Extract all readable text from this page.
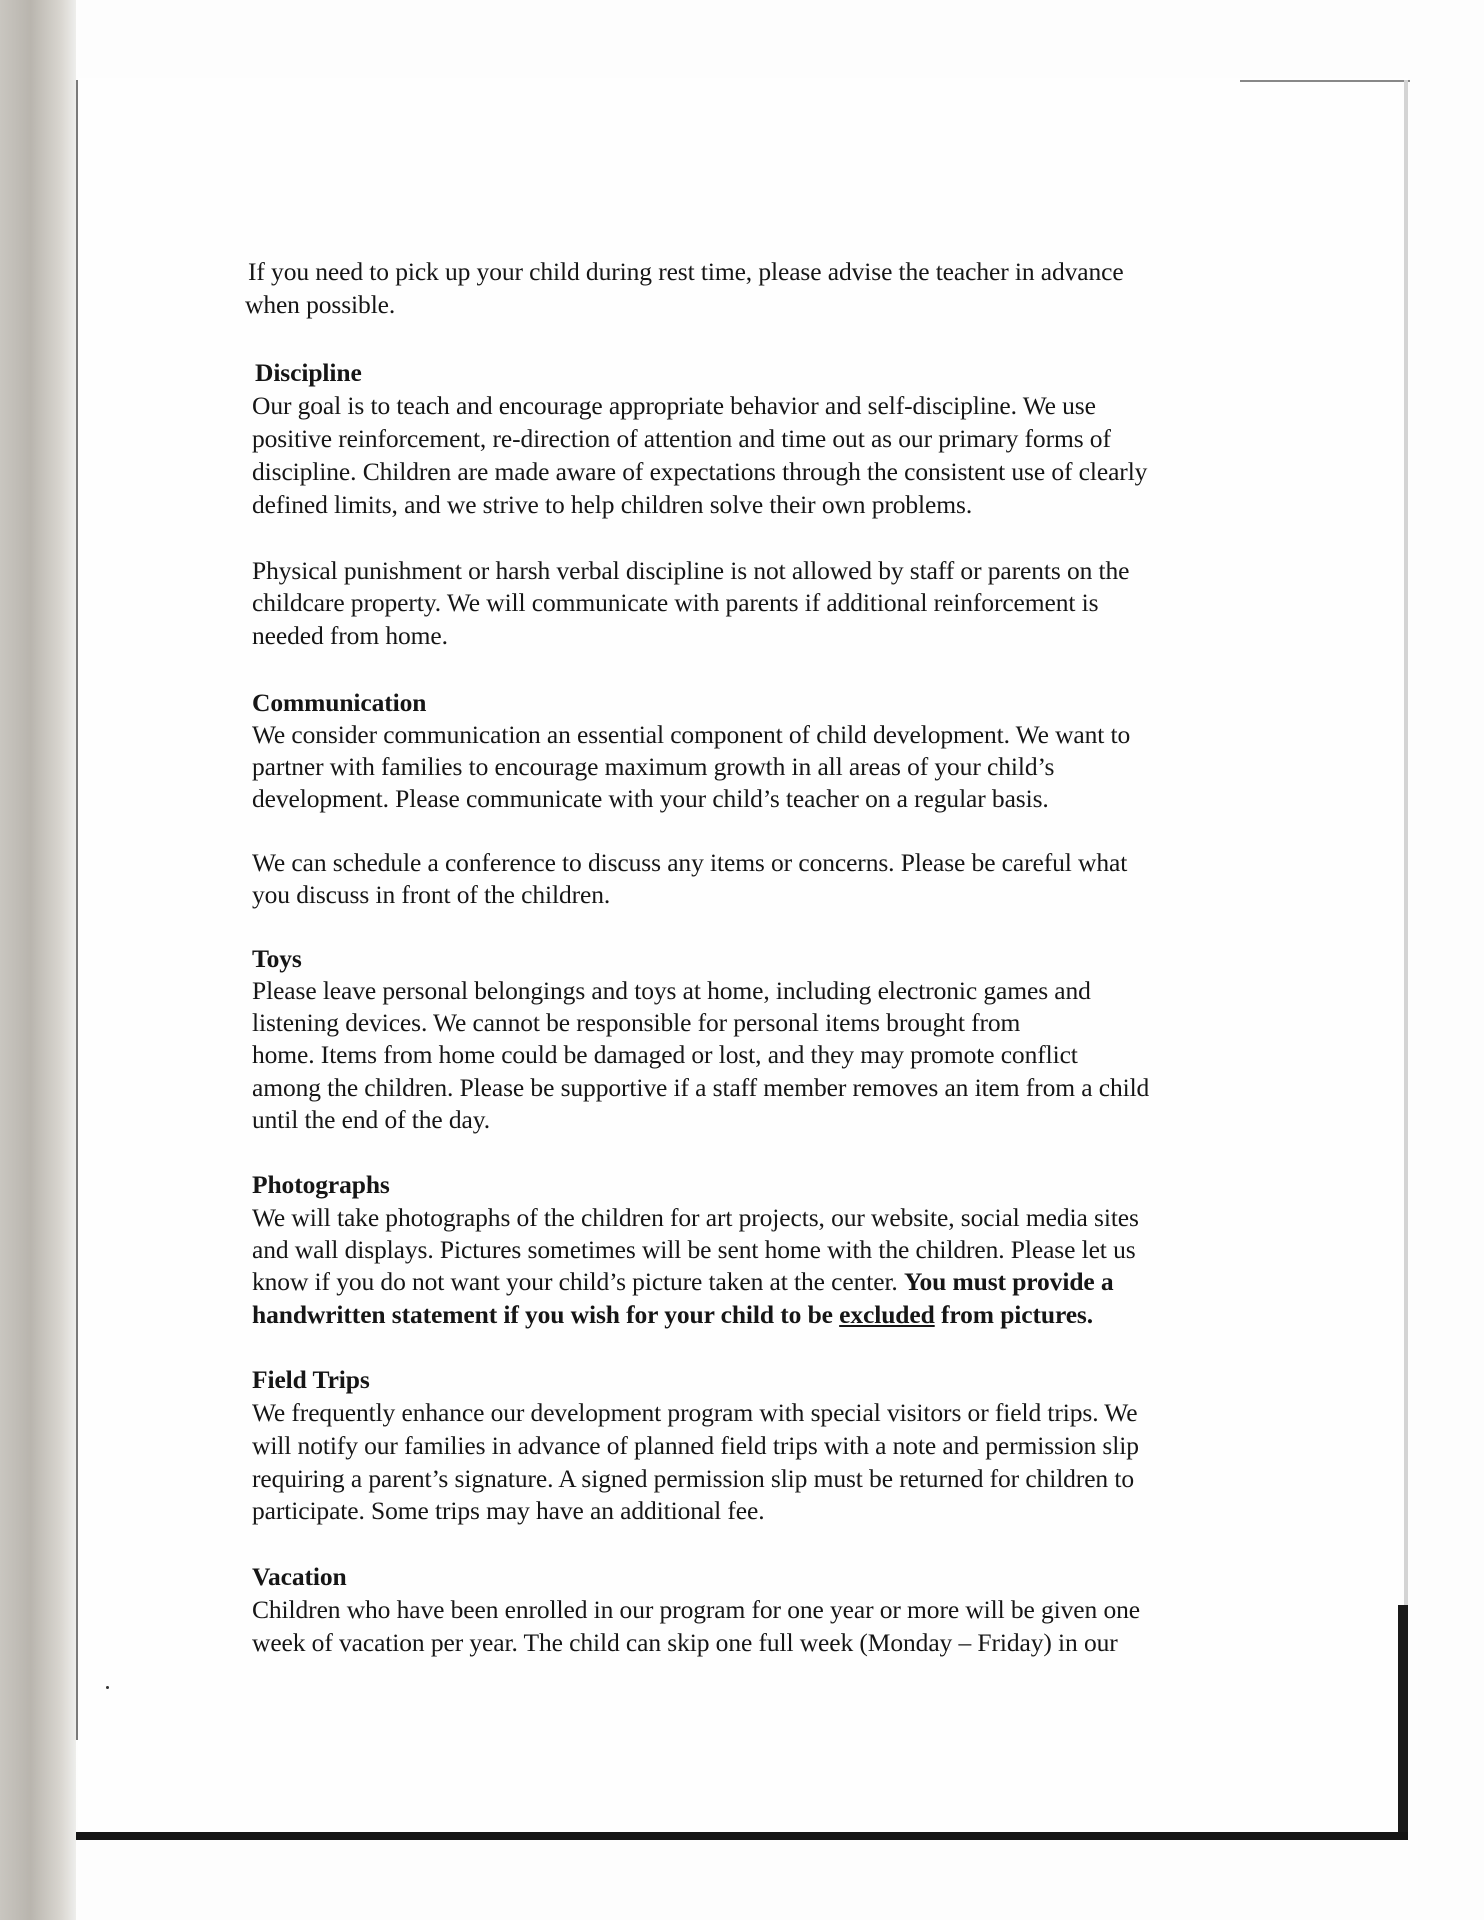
know if you do not want your child’s picture taken at the center. You must provide a
handwritten statement if you wish for your child to be excluded from pictures.
If you need to pick up your child during rest time, please advise the teacher in advance
when possible.
Discipline
Our goal is to teach and encourage appropriate behavior and self-discipline. We use
positive reinforcement, re-direction of attention and time out as our primary forms of
discipline. Children are made aware of expectations through the consistent use of clearly
defined limits, and we strive to help children solve their own problems.
Physical punishment or harsh verbal discipline is not allowed by staff or parents on the
childcare property. We will communicate with parents if additional reinforcement is
needed from home.
Communication
We consider communication an essential component of child development. We want to
partner with families to encourage maximum growth in all areas of your child’s
development. Please communicate with your child’s teacher on a regular basis.
We can schedule a conference to discuss any items or concerns. Please be careful what
you discuss in front of the children.
Toys
Please leave personal belongings and toys at home, including electronic games and
listening devices. We cannot be responsible for personal items brought from
home. Items from home could be damaged or lost, and they may promote conflict
among the children. Please be supportive if a staff member removes an item from a child
until the end of the day.
Photographs
We will take photographs of the children for art projects, our website, social media sites
and wall displays. Pictures sometimes will be sent home with the children. Please let us
Field Trips
We frequently enhance our development program with special visitors or field trips. We
will notify our families in advance of planned field trips with a note and permission slip
requiring a parent’s signature. A signed permission slip must be returned for children to
participate. Some trips may have an additional fee.
Vacation
Children who have been enrolled in our program for one year or more will be given one
week of vacation per year. The child can skip one full week (Monday – Friday) in our
